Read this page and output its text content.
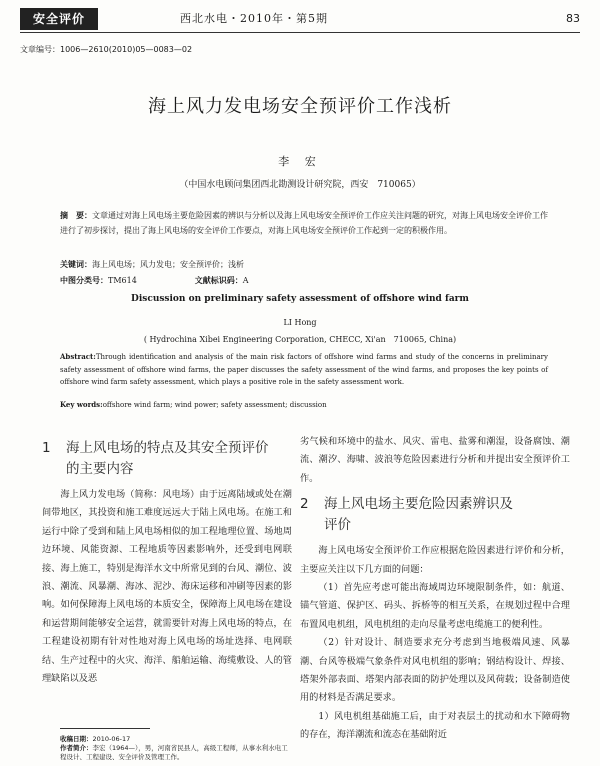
安全评价	西北水电・2010年・第5期	83
文章编号：1006—2610(2010)05—0083—02
海上风力发电场安全预评价工作浅析
李 宏
（中国水电顾问集团西北勘测设计研究院，西安　710065）
摘　要：文章通过对海上风电场主要危险因素的辨识与分析以及海上风电场安全预评价工作应关注问题的研究，对海上风电场安全评价工作进行了初步探讨，提出了海上风电场的安全评价工作要点，对海上风电场安全预评价工作起到一定的积极作用。
关键词：海上风电场；风力发电；安全预评价；浅析
中图分类号：TM614	文献标识码：A
Discussion on preliminary safety assessment of offshore wind farm
LI Hong
( Hydrochina Xibei Engineering Corporation, CHECC, Xi'an　710065, China)
Abstract:Through identification and analysis of the main risk factors of offshore wind farms and study of the concerns in preliminary safety assessment of offshore wind farms, the paper discusses the safety assessment of the wind farms, and proposes the key points of offshore wind farm safety assessment, which plays a positive role in the safety assessment work.
Key words:offshore wind farm; wind power; safety assessment; discussion
1 海上风电场的特点及其安全预评价
的主要内容

海上风力发电场（简称：风电场）由于远离陆域或处在潮间带地区，其投资和施工难度远远大于陆上风电场。在施工和运行中除了受到和陆上风电场相似的加工程地理位置、场地周边环境、风能资源、工程地质等因素影响外，还受到电网联接、海上施工，特别是海洋水文中所常见到的台风、潮位、波浪、潮流、风暴潮、海冰、泥沙、海床运移和冲刷等因素的影响。如何保障海上风电场的本质安全，保障海上风电场在建设和运营期间能够安全运营，就需要针对海上风电场的特点，在工程建设初期有针对性地对海上风电场的场址选择、电网联结、生产过程中的火灾、海洋、船舶运输、海缆敷设、人的管理缺陷以及恶

劣气候和环境中的盐水、风灾、雷电、盐雾和潮湿，设备腐蚀、潮流、潮汐、海啸、波浪等危险因素进行分析和并提出安全预评价工作。

2 海上风电场主要危险因素辨识及
评价

海上风电场安全预评价工作应根据危险因素进行评价和分析，主要应关注以下几方面的问题：

（1）首先应考虑可能出海域周边环境限制条件，如：航道、锚气管道、保护区、码头、拆桥等的相互关系，在规划过程中合理布置风电机组，风电机组的走向尽量考虑电缆施工的便利性。

（2）针对设计、制造要求充分考虑到当地极端风速、风暴潮、台风等极端气象条件对风电机组的影响；钢结构设计、焊接、塔架外部表面、塔架内部表面的防护处理以及风荷载；设备制造使用的材料是否满足要求。

1）风电机组基础施工后，由于对表层土的扰动和水下障碍物的存在，海洋潮流和流态在基础附近

收稿日期：2010-06-17
作者简介：李宏（1964—），男，河南省民县人，高级工程师，从事水利水电工程设计、工程建设、安全评价及管理工作。
